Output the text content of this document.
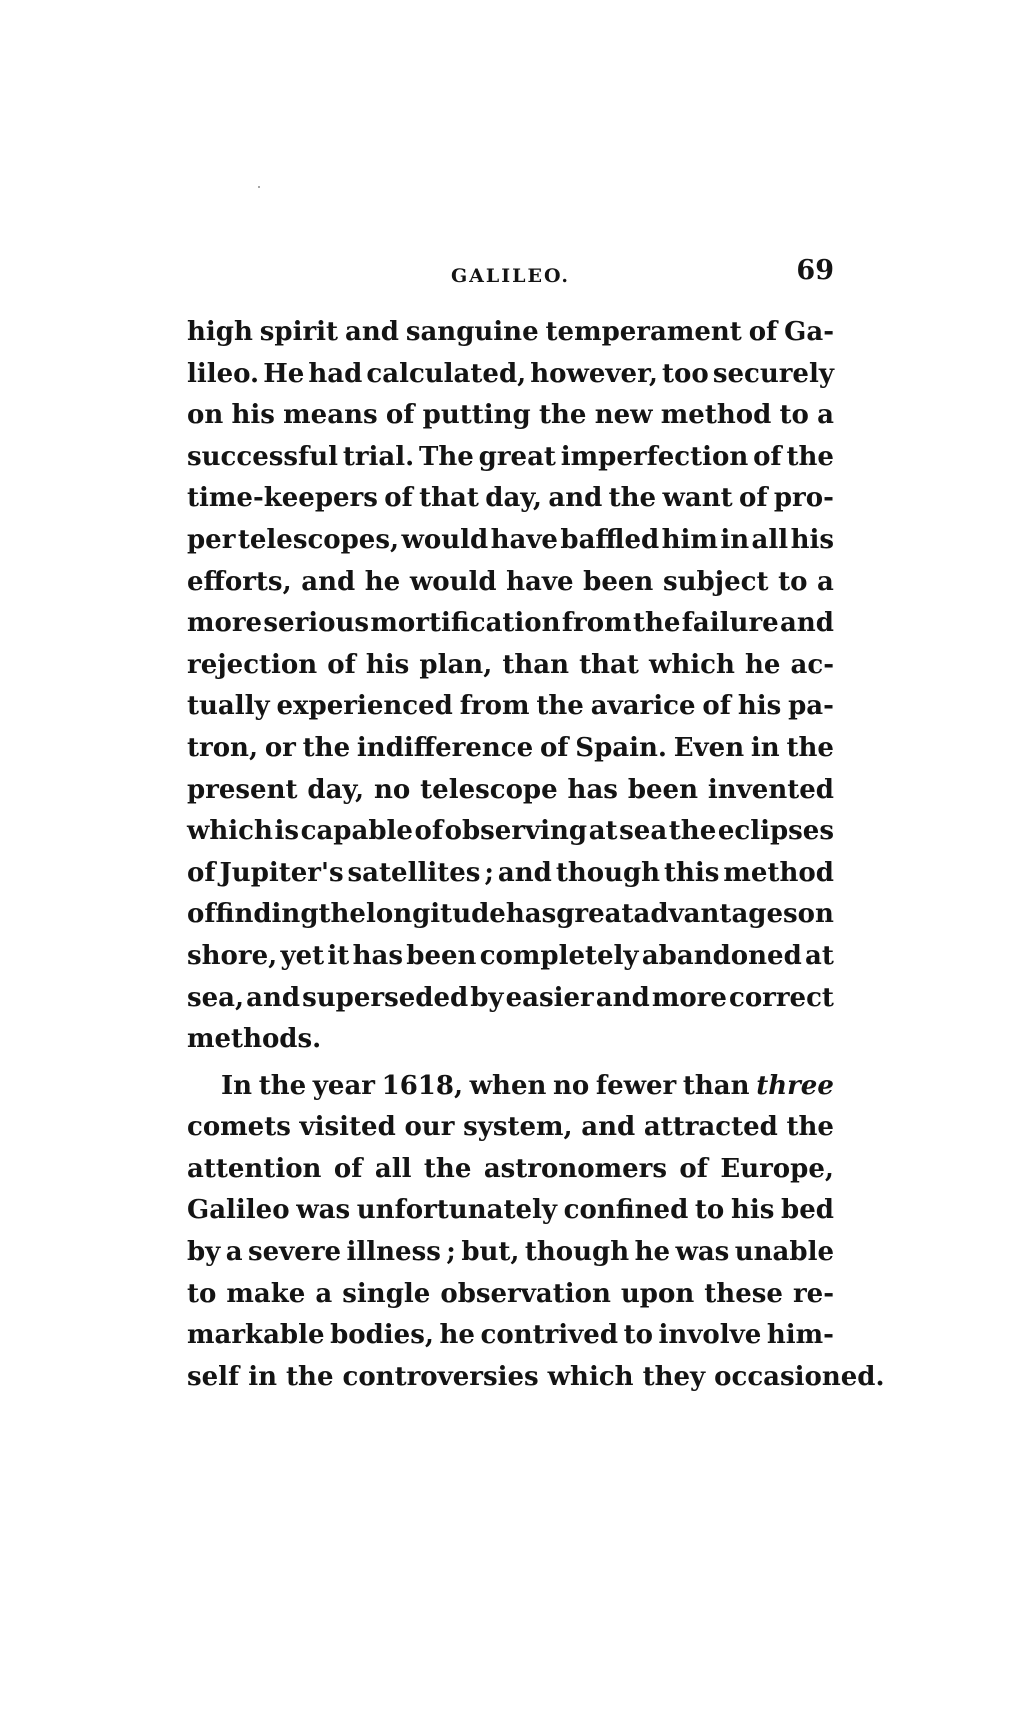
GALILEO.	69
high spirit and sanguine temperament of Ga-
lileo. He had calculated, however, too securely
on his means of putting the new method to a
successful trial. The great imperfection of the
time-keepers of that day, and the want of pro-
per telescopes, would have baffled him in all his
efforts, and he would have been subject to a
more serious mortification from the failure and
rejection of his plan, than that which he ac-
tually experienced from the avarice of his pa-
tron, or the indifference of Spain. Even in the
present day, no telescope has been invented
which is capable of observing at sea the eclipses
of Jupiter's satellites ; and though this method
of finding the longitude has great advantages on
shore, yet it has been completely abandoned at
sea, and superseded by easier and more correct
methods.
In the year 1618, when no fewer than three
comets visited our system, and attracted the
attention of all the astronomers of Europe,
Galileo was unfortunately confined to his bed
by a severe illness ; but, though he was unable
to make a single observation upon these re-
markable bodies, he contrived to involve him-
self in the controversies which they occasioned.
